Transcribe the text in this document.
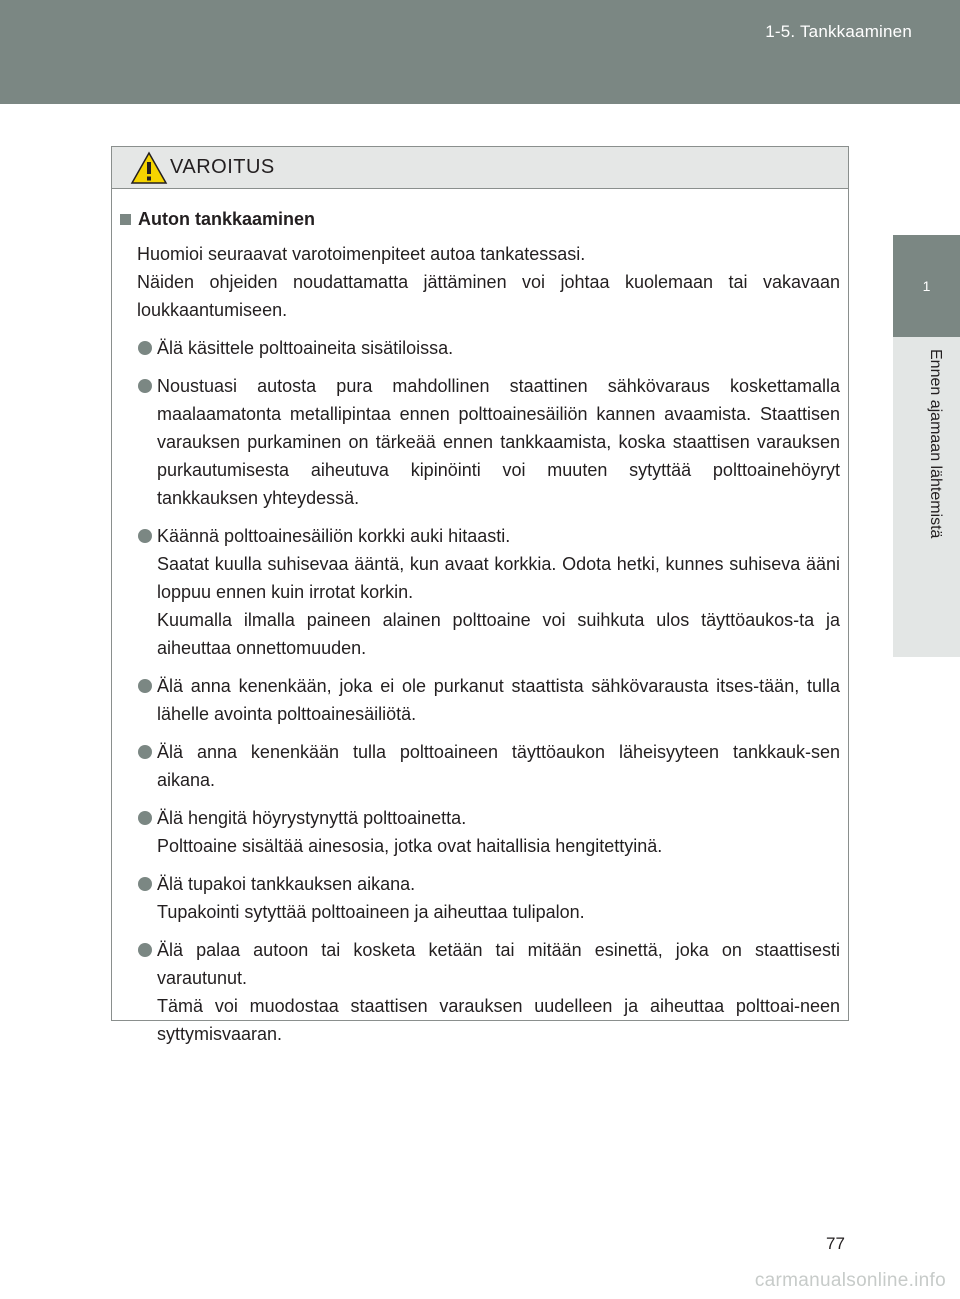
1-5. Tankkaaminen
1
Ennen ajamaan lähtemistä
VAROITUS
Auton tankkaaminen

Huomioi seuraavat varotoimenpiteet autoa tankatessasi.

Näiden ohjeiden noudattamatta jättäminen voi johtaa kuolemaan tai vakavaan loukkaantumiseen.

Älä käsittele polttoaineita sisätiloissa.

Noustuasi autosta pura mahdollinen staattinen sähkövaraus koskettamalla maalaamatonta metallipintaa ennen polttoainesäiliön kannen avaamista. Staattisen varauksen purkaminen on tärkeää ennen tankkaamista, koska staattisen varauksen purkautumisesta aiheutuva kipinöinti voi muuten sytyttää polttoainehöyryt tankkauksen yhteydessä.

Käännä polttoainesäiliön korkki auki hitaasti.

Saatat kuulla suhisevaa ääntä, kun avaat korkkia. Odota hetki, kunnes suhiseva ääni loppuu ennen kuin irrotat korkin.

Kuumalla ilmalla paineen alainen polttoaine voi suihkuta ulos täyttöaukos-ta ja aiheuttaa onnettomuuden.

Älä anna kenenkään, joka ei ole purkanut staattista sähkövarausta itses-tään, tulla lähelle avointa polttoainesäiliötä.

Älä anna kenenkään tulla polttoaineen täyttöaukon läheisyyteen tankkauk-sen aikana.

Älä hengitä höyrystynyttä polttoainetta.

Polttoaine sisältää ainesosia, jotka ovat haitallisia hengitettyinä.

Älä tupakoi tankkauksen aikana.

Tupakointi sytyttää polttoaineen ja aiheuttaa tulipalon.

Älä palaa autoon tai kosketa ketään tai mitään esinettä, joka on staattisesti varautunut.

Tämä voi muodostaa staattisen varauksen uudelleen ja aiheuttaa polttoai-neen syttymisvaaran.

77
carmanualsonline.info
